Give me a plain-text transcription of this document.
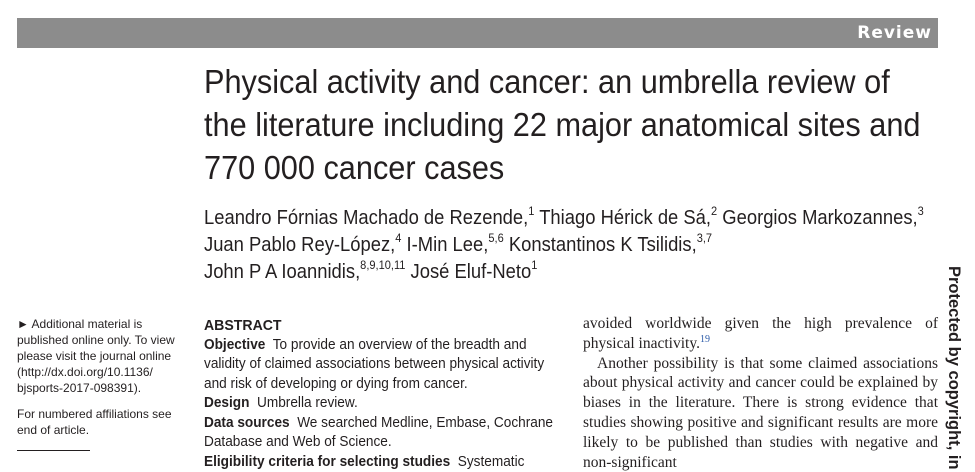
Review
Physical activity and cancer: an umbrella review of
the literature including 22 major anatomical sites and
770 000 cancer cases
Leandro Fórnias Machado de Rezende,$^1$ Thiago Hérick de Sá,$^2$ Georgios Markozannes,$^3$
Juan Pablo Rey-López,$^4$ I-Min Lee,$^{5,6}$ Konstantinos K Tsilidis,$^{3,7}$
John P A Ioannidis,$^{8,9,10,11}$ José Eluf-Neto$^1$

► Additional material is published online only. To view please visit the journal online (http://dx.doi.org/10.1136/ bjsports-2017-098391).

For numbered affiliations see end of article.

ABSTRACT

Objective To provide an overview of the breadth and validity of claimed associations between physical activity and risk of developing or dying from cancer.

Design Umbrella review.

Data sources We searched Medline, Embase, Cochrane Database and Web of Science.

Eligibility criteria for selecting studies Systematic

avoided worldwide given the high prevalence of physical inactivity.$^{19}$

Another possibility is that some claimed associations about physical activity and cancer could be explained by biases in the literature. There is strong evidence that studies showing positive and significant results are more likely to be published than studies with negative and non-significant	Protected by copyright, in
